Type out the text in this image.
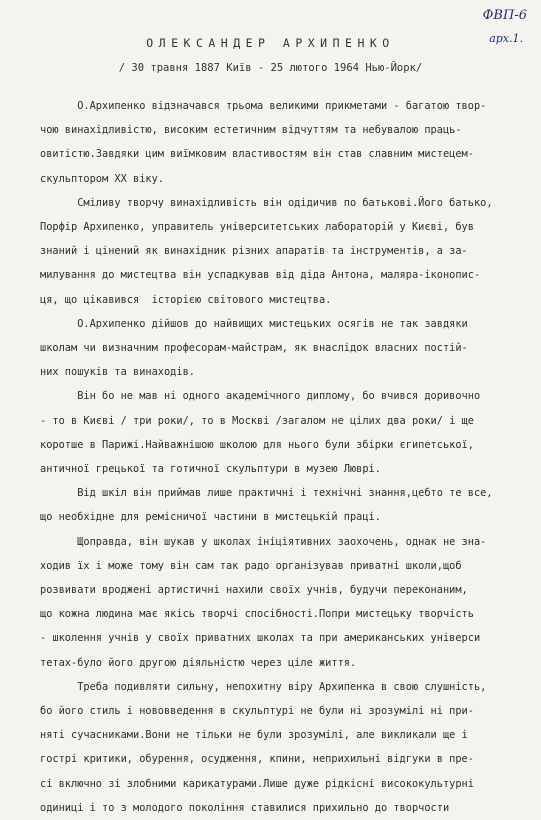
ФВП-6
арх.1.
ОЛЕКСАНДЕР АРХИПЕНКО
/ 30 травня 1887 Київ - 25 лютого 1964 Нью-Йорк/
О.Архипенко відзначався трьома великими прикметами - багатою твор-
чою винахідливістю, високим естетичним відчуттям та небувалою праць-
овитістю.Завдяки цим виїмковим властивостям він став славним мистецем-
скульптором XX віку.
Сміливу творчу винахідливість він одідичив по батькові.Його батько,
Порфір Архипенко, управитель університетських лабораторій у Києві, був
знаний і цінений як винахідник різних апаратів та інструментів, а за-
милування до мистецтва він успадкував від діда Антона, маляра-іконопис-
ця, що цікавився  історією світового мистецтва.
О.Архипенко дійшов до найвищих мистецьких осягів не так завдяки
школам чи визначним професорам-майстрам, як внаслідок власних постій-
них пошуків та винаходів.
Він бо не мав ні одного академічного диплому, бо вчився доривочно
- то в Києві / три роки/, то в Москві /загалом не цілих два роки/ і ще
коротше в Парижі.Найважнішою школою для нього були збірки єгипетської,
античної грецької та готичної скульптури в музею Люврі.
Від шкіл він приймав лише практичні і технічні знання,цебто те все,
що необхідне для ремісничої частини в мистецькій праці.
Щоправда, він шукав у школах ініціятивних заохочень, однак не зна-
ходив їх і може тому він сам так радо організував приватні школи,щоб
розвивати вроджені артистичні нахили своїх учнів, будучи переконаним,
що кожна людина має якісь творчі спосібності.Попри мистецьку творчість
- школення учнів у своїх приватних школах та при американських універси
тетах-було його другою діяльністю через ціле життя.
Треба подивляти сильну, непохитну віру Архипенка в свою слушність,
бо його стиль і нововведення в скульптурі не були ні зрозумілі ні при-
няті сучасниками.Вони не тільки не були зрозумілі, але викликали ще і
гострі критики, обурення, осудження, кпини, неприхильні відгуки в пре-
сі включно зі злобними карикатурами.Лише дуже рідкісні висококультурні
одиниці і то з молодого покоління ставилися прихильно до творчости
